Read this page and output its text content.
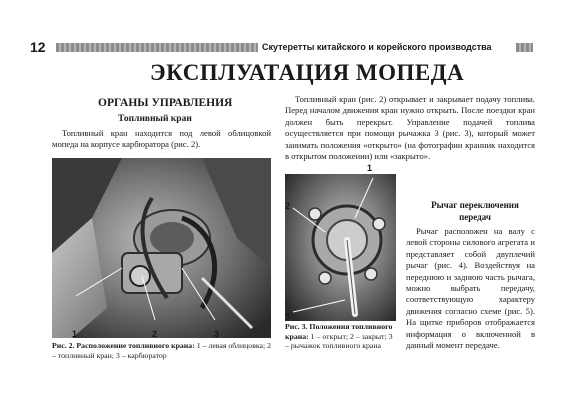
12	Скутеретты китайского и корейского производства
ЭКСПЛУАТАЦИЯ МОПЕДА
ОРГАНЫ УПРАВЛЕНИЯ
Топливный кран

Топливный кран находится под левой облицовкой мопеда на корпусе карбюратора (рис. 2).

1	2	3

Рис. 2. Расположение топливного крана: 1 – левая облицовка; 2 – топливный кран; 3 – карбюратор

1
2
3

Рис. 3. Положения топливного крана: 1 – открыт; 2 – закрыт; 3 – рычажок топливного крана

Топливный кран (рис. 2) открывает и закрывает подачу топлива. Перед началом движения кран нужно открыть. После поездки кран должен быть перекрыт. Управление подачей топлива осуществляется при помощи рычажка 3 (рис. 3), который может занимать положения «открыто» (на фотографии кранник находится в открытом положении) или «закрыто».

Рычаг переключения
передач

Рычаг расположен на валу с левой стороны силового агрегата и представляет собой двуплечий рычаг (рис. 4). Воздействуя на переднюю и заднюю часть рычага, можно выбрать передачу, соответствующую характеру движения согласно схеме (рис. 5). На щитке приборов отображается информация о включенной в данный момент передаче.
